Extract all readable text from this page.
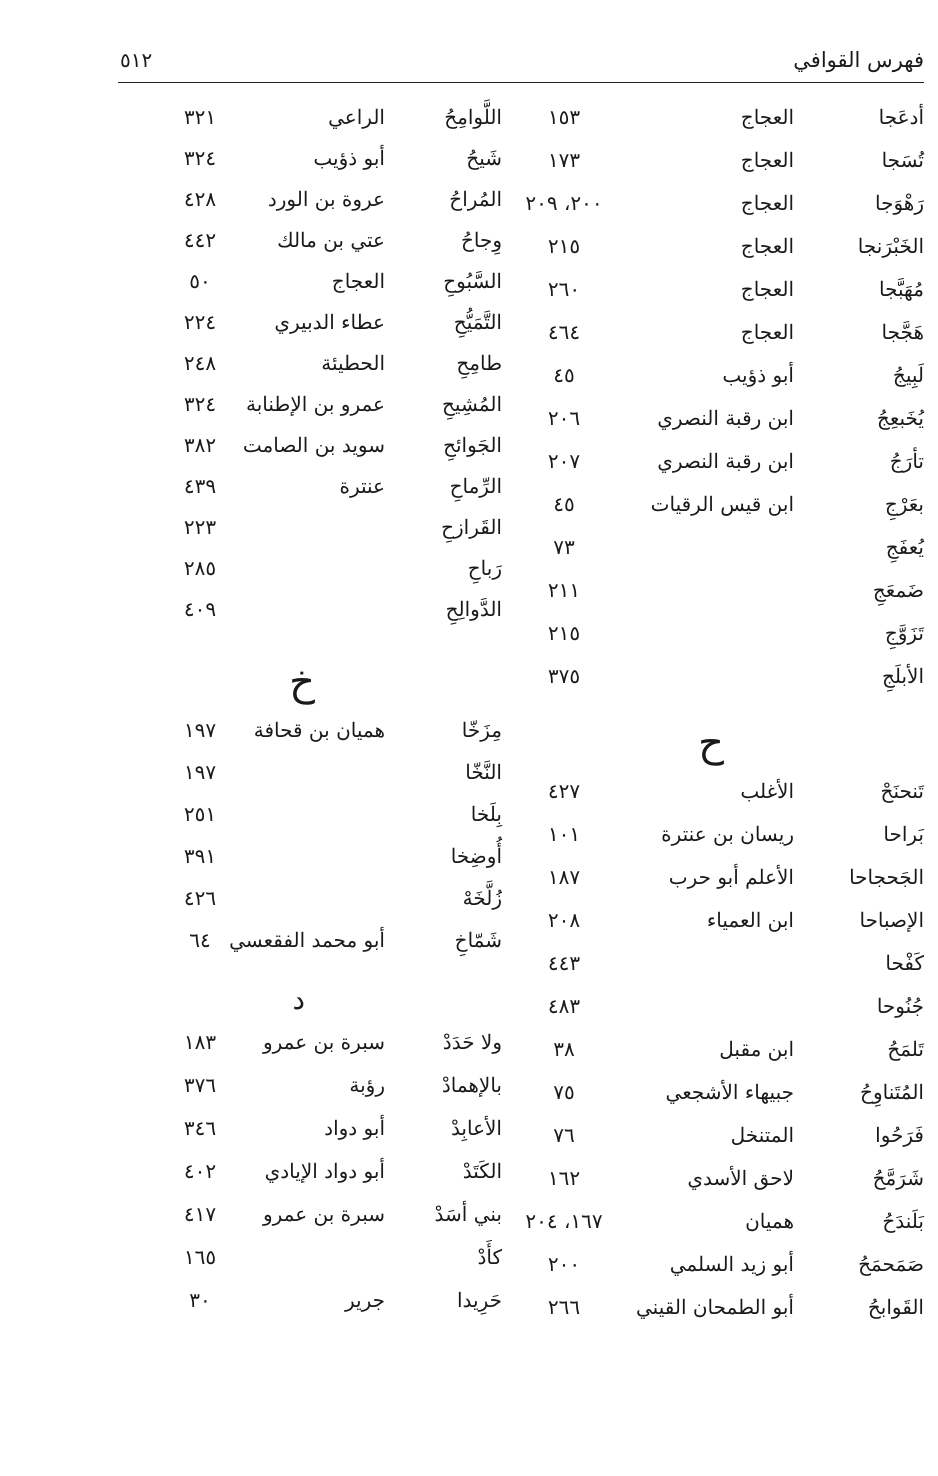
فهرس القوافي
٥١٢
ح
أدعَجا
العجاج
١٥٣
تُسَجا
العجاج
١٧٣
رَهْوَجا
العجاج
٢٠٠، ٢٠٩
الخَبْرَنجا
العجاج
٢١٥
مُهَبَّجا
العجاج
٢٦٠
هَجَّجا
العجاج
٤٦٤
لَبِيجُ
أبو ذؤيب
٤٥
يُخَبعِجُ
ابن رقبة النصري
٢٠٦
تأرَجُ
ابن رقبة النصري
٢٠٧
بعَرْجِ
ابن قيس الرقيات
٤٥
يُعفَجِ
٧٣
ضَمعَجِ
٢١١
تَزَوَّجِ
٢١٥
الأبلَجِ
٣٧٥
تَنحنَحْ
الأغلب
٤٢٧
بَراحا
ريسان بن عنترة
١٠١
الجَحجاحا
الأعلم أبو حرب
١٨٧
الإصباحا
ابن العمياء
٢٠٨
كَفْحا
٤٤٣
جُنُوحا
٤٨٣
تَلمَحُ
ابن مقبل
٣٨
المُتَناوِحُ
جبيهاء الأشجعي
٧٥
فَرَحُوا
المتنخل
٧٦
شَرَمَّحُ
لاحق الأسدي
١٦٢
بَلَندَحُ
هميان
١٦٧، ٢٠٤
صَمَحمَحُ
أبو زيد السلمي
٢٠٠
القَوابحُ
أبو الطمحان القيني
٢٦٦
خ
د
اللَّوامِحُ
الراعي
٣٢١
شَيحُ
أبو ذؤيب
٣٢٤
المُراحُ
عروة بن الورد
٤٢٨
وِجاحُ
عتي بن مالك
٤٤٢
السَّبُوحِ
العجاج
٥٠
التَّمَيُّحِ
عطاء الدبيري
٢٢٤
طامِحِ
الحطيئة
٢٤٨
المُشِيحِ
عمرو بن الإطنابة
٣٢٤
الجَوائحِ
سويد بن الصامت
٣٨٢
الرِّماحِ
عنترة
٤٣٩
القَرازحِ
٢٢٣
رَباحِ
٢٨٥
الدَّوالِحِ
٤٠٩
مِزَخّا
هميان بن قحافة
١٩٧
النَّخّا
١٩٧
بِلَخا
٢٥١
أُوضِخا
٣٩١
زُلَّخَهْ
٤٢٦
شَمّاخِ
أبو محمد الفقعسي
٦٤
ولا حَدَدْ
سبرة بن عمرو
١٨٣
بالإهمادْ
رؤبة
٣٧٦
الأعابِدْ
أبو دواد
٣٤٦
الكَتَدْ
أبو دواد الإيادي
٤٠٢
بني أسَدْ
سبرة بن عمرو
٤١٧
كأَدْ
١٦٥
حَرِيدا
جرير
٣٠
